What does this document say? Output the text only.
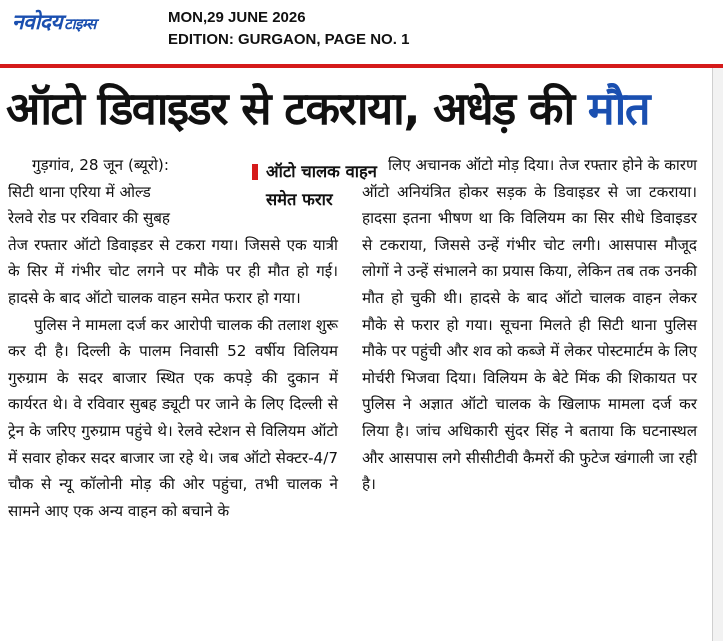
नवोदय टाइम्स	MON,29 JUNE 2026
EDITION: GURGAON, PAGE NO. 1
ऑटो डिवाइडर से टकराया, अधेड़ की मौत
ऑटो चालक वाहन
समेत फरार

गुड़गांव, 28 जून (ब्यूरो):

सिटी थाना एरिया में ओल्ड

रेलवे रोड पर रविवार की सुबह

तेज रफ्तार ऑटो डिवाइडर से टकरा गया। जिससे एक यात्री के सिर में गंभीर चोट लगने पर मौके पर ही मौत हो गई। हादसे के बाद ऑटो चालक वाहन समेत फरार हो गया।

पुलिस ने मामला दर्ज कर आरोपी चालक की तलाश शुरू कर दी है। दिल्ली के पालम निवासी 52 वर्षीय विलियम गुरुग्राम के सदर बाजार स्थित एक कपड़े की दुकान में कार्यरत थे। वे रविवार सुबह ड्यूटी पर जाने के लिए दिल्ली से ट्रेन के जरिए गुरुग्राम पहुंचे थे। रेलवे स्टेशन से विलियम ऑटो में सवार होकर सदर बाजार जा रहे थे। जब ऑटो सेक्टर-4/7 चौक से न्यू कॉलोनी मोड़ की ओर पहुंचा, तभी चालक ने सामने आए एक अन्य वाहन को बचाने के

लिए अचानक ऑटो मोड़ दिया। तेज रफ्तार होने के कारण ऑटो अनियंत्रित होकर सड़क के डिवाइडर से जा टकराया। हादसा इतना भीषण था कि विलियम का सिर सीधे डिवाइडर से टकराया, जिससे उन्हें गंभीर चोट लगी। आसपास मौजूद लोगों ने उन्हें संभालने का प्रयास किया, लेकिन तब तक उनकी मौत हो चुकी थी। हादसे के बाद ऑटो चालक वाहन लेकर मौके से फरार हो गया। सूचना मिलते ही सिटी थाना पुलिस मौके पर पहुंची और शव को कब्जे में लेकर पोस्टमार्टम के लिए मोर्चरी भिजवा दिया। विलियम के बेटे मिंक की शिकायत पर पुलिस ने अज्ञात ऑटो चालक के खिलाफ मामला दर्ज कर लिया है। जांच अधिकारी सुंदर सिंह ने बताया कि घटनास्थल और आसपास लगे सीसीटीवी कैमरों की फुटेज खंगाली जा रही है।
